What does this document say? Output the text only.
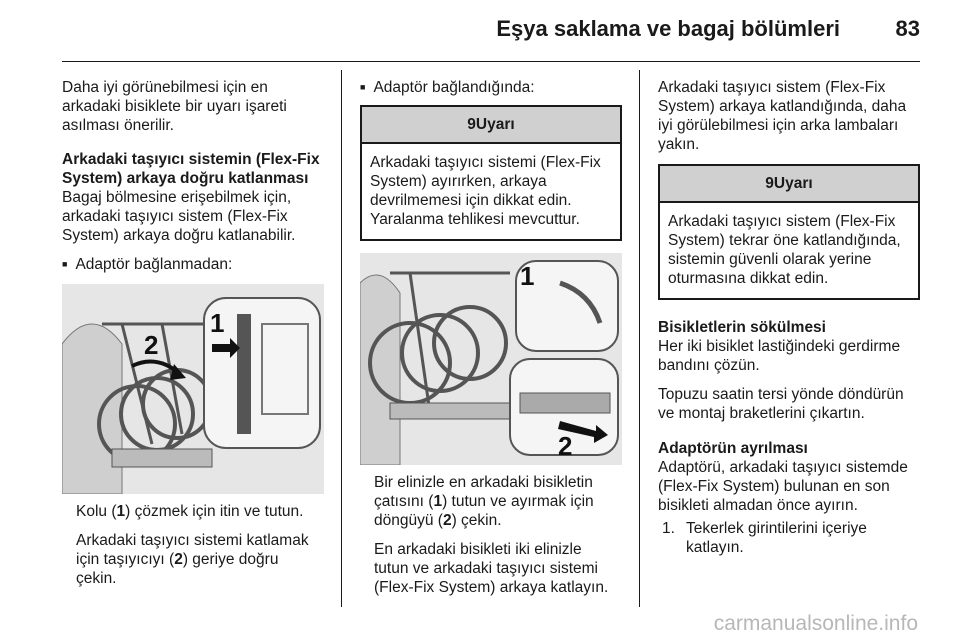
Eşya saklama ve bagaj bölümleri	83

Daha iyi görünebilmesi için en
arkadaki bisiklete bir uyarı işareti
asılması önerilir.

Arkadaki taşıyıcı sistemin (Flex-Fix
System) arkaya doğru katlanması

Bagaj bölmesine erişebilmek için,
arkadaki taşıyıcı sistem (Flex-Fix
System) arkaya doğru katlanabilir.

■ Adaptör bağlanmadan:

1
2

Kolu (1) çözmek için itin ve tutun.

Arkadaki taşıyıcı sistemi katlamak
için taşıyıcıyı (2) geriye doğru
çekin.

■ Adaptör bağlandığında:

9Uyarı
Arkadaki taşıyıcı sistemi (Flex-Fix
System) ayırırken, arkaya
devrilmemesi için dikkat edin.
Yaralanma tehlikesi mevcuttur.
1
2

Bir elinizle en arkadaki bisikletin
çatısını (1) tutun ve ayırmak için
döngüyü (2) çekin.

En arkadaki bisikleti iki elinizle
tutun ve arkadaki taşıyıcı sistemi
(Flex-Fix System) arkaya katlayın.

Arkadaki taşıyıcı sistem (Flex-Fix
System) arkaya katlandığında, daha
iyi görülebilmesi için arka lambaları
yakın.

9Uyarı
Arkadaki taşıyıcı sistem (Flex-Fix
System) tekrar öne katlandığında,
sistemin güvenli olarak yerine
oturmasına dikkat edin.
Bisikletlerin sökülmesi

Her iki bisiklet lastiğindeki gerdirme
bandını çözün.

Topuzu saatin tersi yönde döndürün
ve montaj braketlerini çıkartın.

Adaptörün ayrılması

Adaptörü, arkadaki taşıyıcı sistemde
(Flex-Fix System) bulunan en son
bisikleti almadan önce ayırın.

1. Tekerlek girintilerini içeriye
katlayın.
carmanualsonline.info
